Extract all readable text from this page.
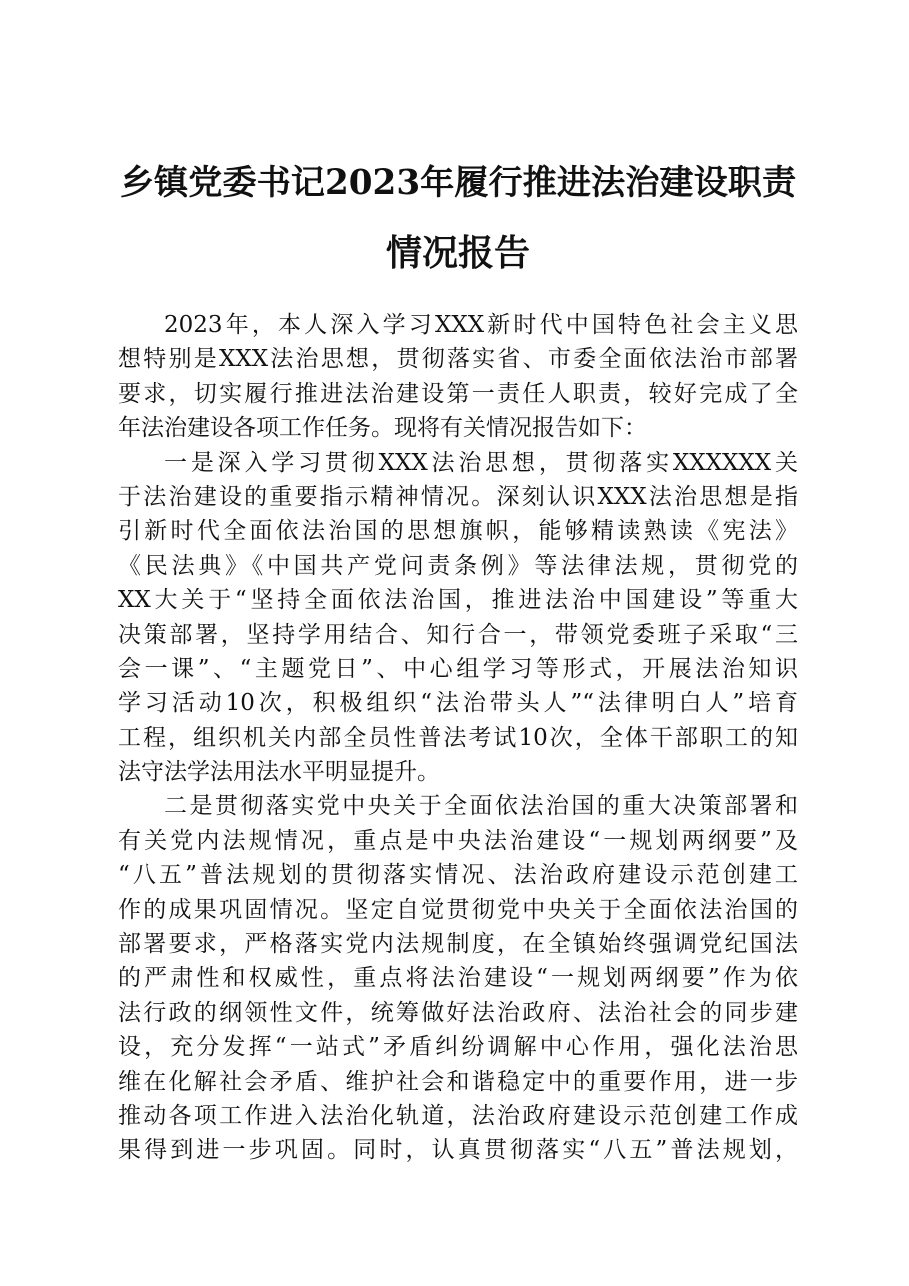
乡镇党委书记2023年履行推进法治建设职责
情况报告

2023年，本人深入学习XXX新时代中国特色社会主义思
想特别是XXX法治思想，贯彻落实省、市委全面依法治市部署
要求，切实履行推进法治建设第一责任人职责，较好完成了全
年法治建设各项工作任务。现将有关情况报告如下：

一是深入学习贯彻XXX法治思想，贯彻落实XXXXXX关
于法治建设的重要指示精神情况。深刻认识XXX法治思想是指
引新时代全面依法治国的思想旗帜，能够精读熟读《宪法》
《民法典》《中国共产党问责条例》等法律法规，贯彻党的
XX大关于“坚持全面依法治国，推进法治中国建设”等重大
决策部署，坚持学用结合、知行合一，带领党委班子采取“三
会一课”、“主题党日”、中心组学习等形式，开展法治知识
学习活动10次，积极组织“法治带头人”“法律明白人”培育
工程，组织机关内部全员性普法考试10次，全体干部职工的知
法守法学法用法水平明显提升。

二是贯彻落实党中央关于全面依法治国的重大决策部署和
有关党内法规情况，重点是中央法治建设“一规划两纲要”及
“八五”普法规划的贯彻落实情况、法治政府建设示范创建工
作的成果巩固情况。坚定自觉贯彻党中央关于全面依法治国的
部署要求，严格落实党内法规制度，在全镇始终强调党纪国法
的严肃性和权威性，重点将法治建设“一规划两纲要”作为依
法行政的纲领性文件，统筹做好法治政府、法治社会的同步建
设，充分发挥“一站式”矛盾纠纷调解中心作用，强化法治思
维在化解社会矛盾、维护社会和谐稳定中的重要作用，进一步
推动各项工作进入法治化轨道，法治政府建设示范创建工作成
果得到进一步巩固。同时，认真贯彻落实“八五”普法规划，
